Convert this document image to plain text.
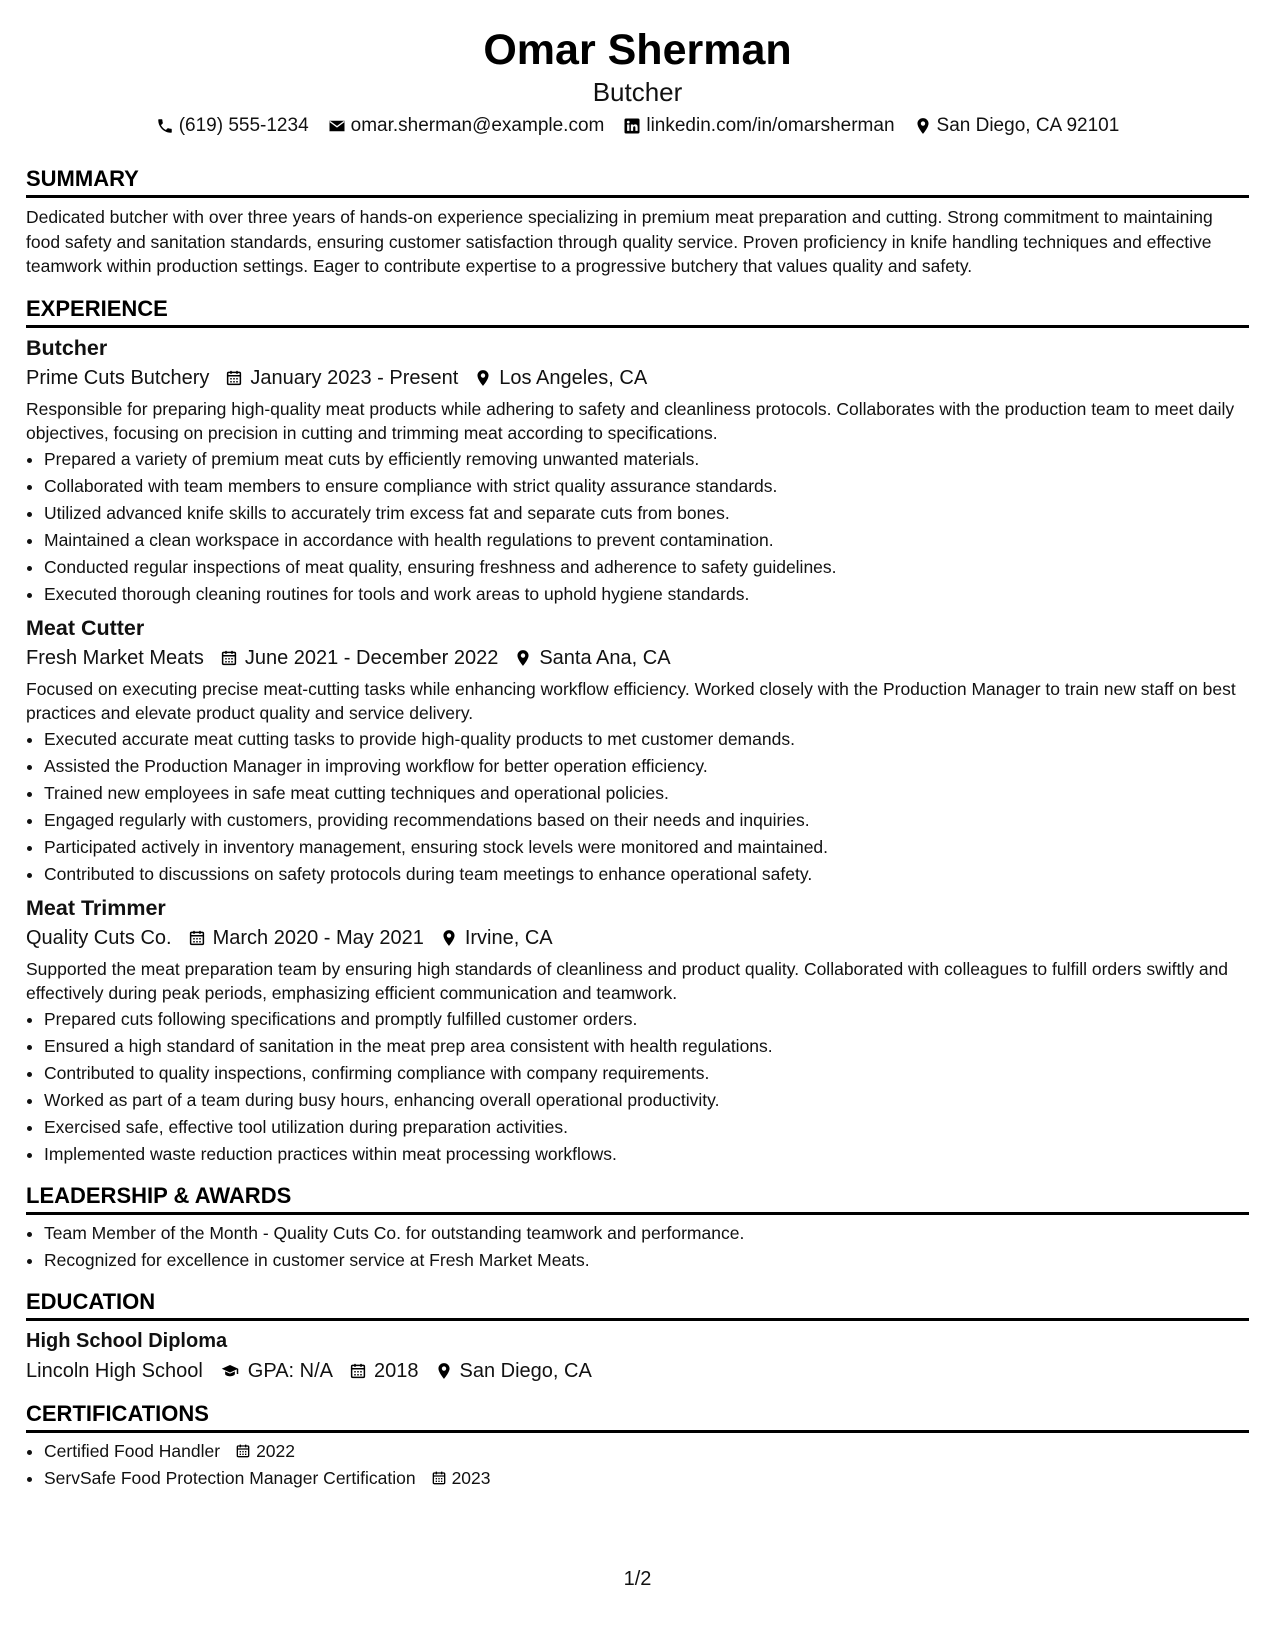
Omar Sherman
Butcher
(619) 555-1234 omar.sherman@example.com linkedin.com/in/omarsherman San Diego, CA 92101
SUMMARY
Dedicated butcher with over three years of hands-on experience specializing in premium meat preparation and cutting. Strong commitment to maintaining food safety and sanitation standards, ensuring customer satisfaction through quality service. Proven proficiency in knife handling techniques and effective teamwork within production settings. Eager to contribute expertise to a progressive butchery that values quality and safety.
EXPERIENCE
Butcher
Prime Cuts Butchery January 2023 - Present Los Angeles, CA
Responsible for preparing high-quality meat products while adhering to safety and cleanliness protocols. Collaborates with the production team to meet daily objectives, focusing on precision in cutting and trimming meat according to specifications.
• Prepared a variety of premium meat cuts by efficiently removing unwanted materials.
• Collaborated with team members to ensure compliance with strict quality assurance standards.
• Utilized advanced knife skills to accurately trim excess fat and separate cuts from bones.
• Maintained a clean workspace in accordance with health regulations to prevent contamination.
• Conducted regular inspections of meat quality, ensuring freshness and adherence to safety guidelines.
• Executed thorough cleaning routines for tools and work areas to uphold hygiene standards.
Meat Cutter
Fresh Market Meats June 2021 - December 2022 Santa Ana, CA
Focused on executing precise meat-cutting tasks while enhancing workflow efficiency. Worked closely with the Production Manager to train new staff on best practices and elevate product quality and service delivery.
• Executed accurate meat cutting tasks to provide high-quality products to met customer demands.
• Assisted the Production Manager in improving workflow for better operation efficiency.
• Trained new employees in safe meat cutting techniques and operational policies.
• Engaged regularly with customers, providing recommendations based on their needs and inquiries.
• Participated actively in inventory management, ensuring stock levels were monitored and maintained.
• Contributed to discussions on safety protocols during team meetings to enhance operational safety.
Meat Trimmer
Quality Cuts Co. March 2020 - May 2021 Irvine, CA
Supported the meat preparation team by ensuring high standards of cleanliness and product quality. Collaborated with colleagues to fulfill orders swiftly and effectively during peak periods, emphasizing efficient communication and teamwork.
• Prepared cuts following specifications and promptly fulfilled customer orders.
• Ensured a high standard of sanitation in the meat prep area consistent with health regulations.
• Contributed to quality inspections, confirming compliance with company requirements.
• Worked as part of a team during busy hours, enhancing overall operational productivity.
• Exercised safe, effective tool utilization during preparation activities.
• Implemented waste reduction practices within meat processing workflows.
LEADERSHIP & AWARDS
• Team Member of the Month - Quality Cuts Co. for outstanding teamwork and performance.
• Recognized for excellence in customer service at Fresh Market Meats.
EDUCATION
High School Diploma
Lincoln High School GPA: N/A 2018 San Diego, CA
CERTIFICATIONS
• Certified Food Handler 2022
• ServSafe Food Protection Manager Certification 2023
1/2
